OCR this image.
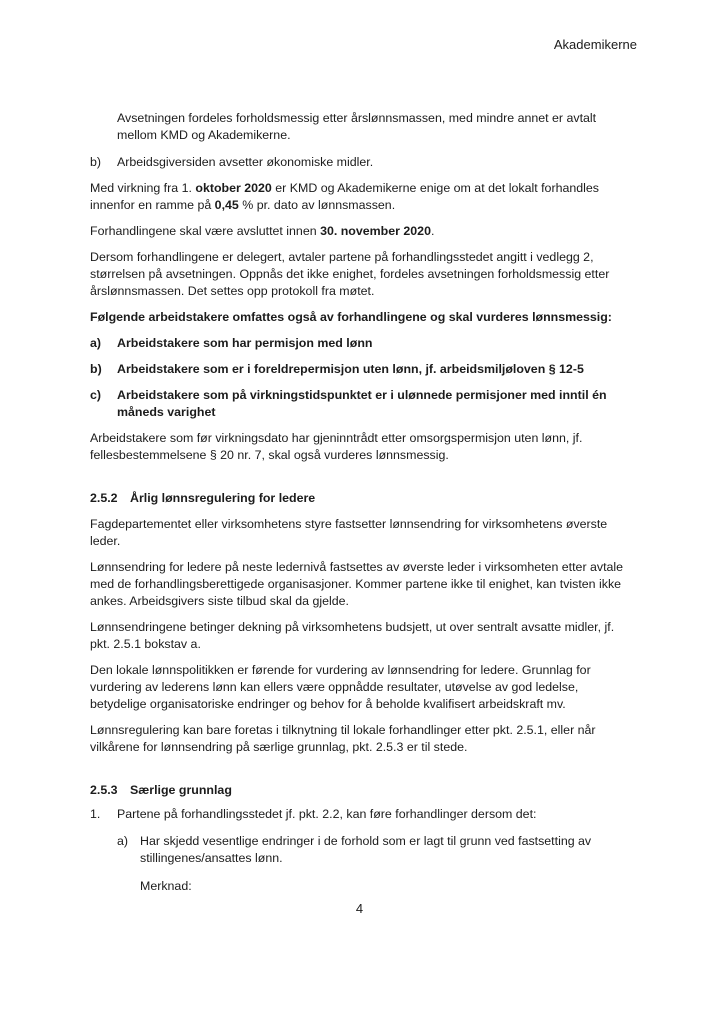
Akademikerne

Avsetningen fordeles forholdsmessig etter årslønnsmassen, med mindre annet er avtalt mellom KMD og Akademikerne.

b)	Arbeidsgiversiden avsetter økonomiske midler.

Med virkning fra 1. oktober 2020 er KMD og Akademikerne enige om at det lokalt forhandles innenfor en ramme på 0,45 % pr. dato av lønnsmassen.

Forhandlingene skal være avsluttet innen 30. november 2020.

Dersom forhandlingene er delegert, avtaler partene på forhandlingsstedet angitt i vedlegg 2, størrelsen på avsetningen. Oppnås det ikke enighet, fordeles avsetningen forholdsmessig etter årslønnsmassen. Det settes opp protokoll fra møtet.

Følgende arbeidstakere omfattes også av forhandlingene og skal vurderes lønnsmessig:

a)	Arbeidstakere som har permisjon med lønn
b)	Arbeidstakere som er i foreldrepermisjon uten lønn, jf. arbeidsmiljøloven § 12-5
c)	Arbeidstakere som på virkningstidspunktet er i ulønnede permisjoner med inntil én måneds varighet

Arbeidstakere som før virkningsdato har gjeninntrådt etter omsorgspermisjon uten lønn, jf. fellesbestemmelsene § 20 nr. 7, skal også vurderes lønnsmessig.

2.5.2 Årlig lønnsregulering for ledere

Fagdepartementet eller virksomhetens styre fastsetter lønnsendring for virksomhetens øverste leder.

Lønnsendring for ledere på neste ledernivå fastsettes av øverste leder i virksomheten etter avtale med de forhandlingsberettigede organisasjoner. Kommer partene ikke til enighet, kan tvisten ikke ankes. Arbeidsgivers siste tilbud skal da gjelde.

Lønnsendringene betinger dekning på virksomhetens budsjett, ut over sentralt avsatte midler, jf. pkt. 2.5.1 bokstav a.

Den lokale lønnspolitikken er førende for vurdering av lønnsendring for ledere. Grunnlag for vurdering av lederens lønn kan ellers være oppnådde resultater, utøvelse av god ledelse, betydelige organisatoriske endringer og behov for å beholde kvalifisert arbeidskraft mv.

Lønnsregulering kan bare foretas i tilknytning til lokale forhandlinger etter pkt. 2.5.1, eller når vilkårene for lønnsendring på særlige grunnlag, pkt. 2.5.3 er til stede.

2.5.3 Særlige grunnlag
1.	Partene på forhandlingsstedet jf. pkt. 2.2, kan føre forhandlinger dersom det:
a) Har skjedd vesentlige endringer i de forhold som er lagt til grunn ved fastsetting av stillingenes/ansattes lønn.

Merknad:

4
